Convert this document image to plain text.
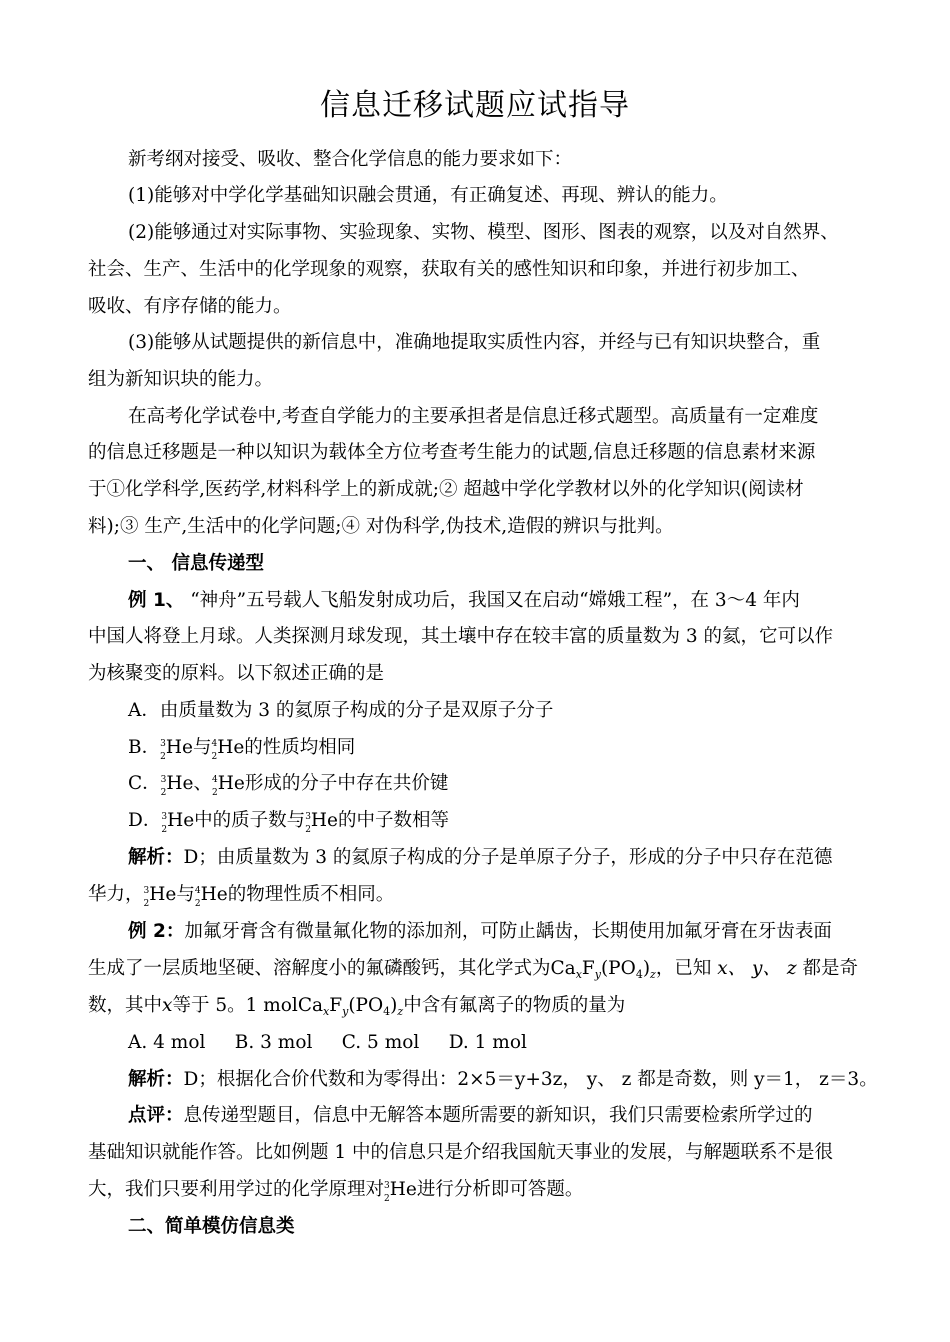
信息迁移试题应试指导
新考纲对接受、吸收、整合化学信息的能力要求如下：
(1)能够对中学化学基础知识融会贯通，有正确复述、再现、辨认的能力。
(2)能够通过对实际事物、实验现象、实物、模型、图形、图表的观察，以及对自然界、
社会、生产、生活中的化学现象的观察，获取有关的感性知识和印象，并进行初步加工、
吸收、有序存储的能力。
(3)能够从试题提供的新信息中，准确地提取实质性内容，并经与已有知识块整合，重
组为新知识块的能力。
在高考化学试卷中,考查自学能力的主要承担者是信息迁移式题型。高质量有一定难度
的信息迁移题是一种以知识为载体全方位考查考生能力的试题,信息迁移题的信息素材来源
于①化学科学,医药学,材料科学上的新成就;② 超越中学化学教材以外的化学知识(阅读材
料);③ 生产,生活中的化学问题;④ 对伪科学,伪技术,造假的辨识与批判。
一、 信息传递型
例 1、 “神舟”五号载人飞船发射成功后，我国又在启动“嫦娥工程”，在 3～4 年内
中国人将登上月球。人类探测月球发现，其土壤中存在较丰富的质量数为 3 的氦，它可以作
为核聚变的原料。以下叙述正确的是
A．由质量数为 3 的氦原子构成的分子是双原子分子
B．$^3$
2 He与$^4$
2 He的性质均相同
C．$^3$
2 He、$^4$
2 He形成的分子中存在共价键
D．$^3$
2 He中的质子数与$^3$
2 He的中子数相等
解析：D；由质量数为 3 的氦原子构成的分子是单原子分子，形成的分子中只存在范德
华力，$^3$
2 He与$^4$
2 He的物理性质不相同。
例 2：加氟牙膏含有微量氟化物的添加剂，可防止龋齿，长期使用加氟牙膏在牙齿表面
生成了一层质地坚硬、溶解度小的氟磷酸钙，其化学式为$Ca_xF_y(PO_4)_z$，已知 x、 y、 z 都是奇
数，其中x等于 5。1 $molCa_xF_y(PO_4)_z$中含有氟离子的物质的量为
A. 4 mol     B. 3 mol     C. 5 mol     D. 1 mol
解析：D；根据化合价代数和为零得出：2×5＝y+3z， y、 z 都是奇数，则 y＝1， z＝3。
点评：息传递型题目，信息中无解答本题所需要的新知识，我们只需要检索所学过的
基础知识就能作答。比如例题 1 中的信息只是介绍我国航天事业的发展，与解题联系不是很
大，我们只要利用学过的化学原理对$^3$
2 He进行分析即可答题。
二、简单模仿信息类
